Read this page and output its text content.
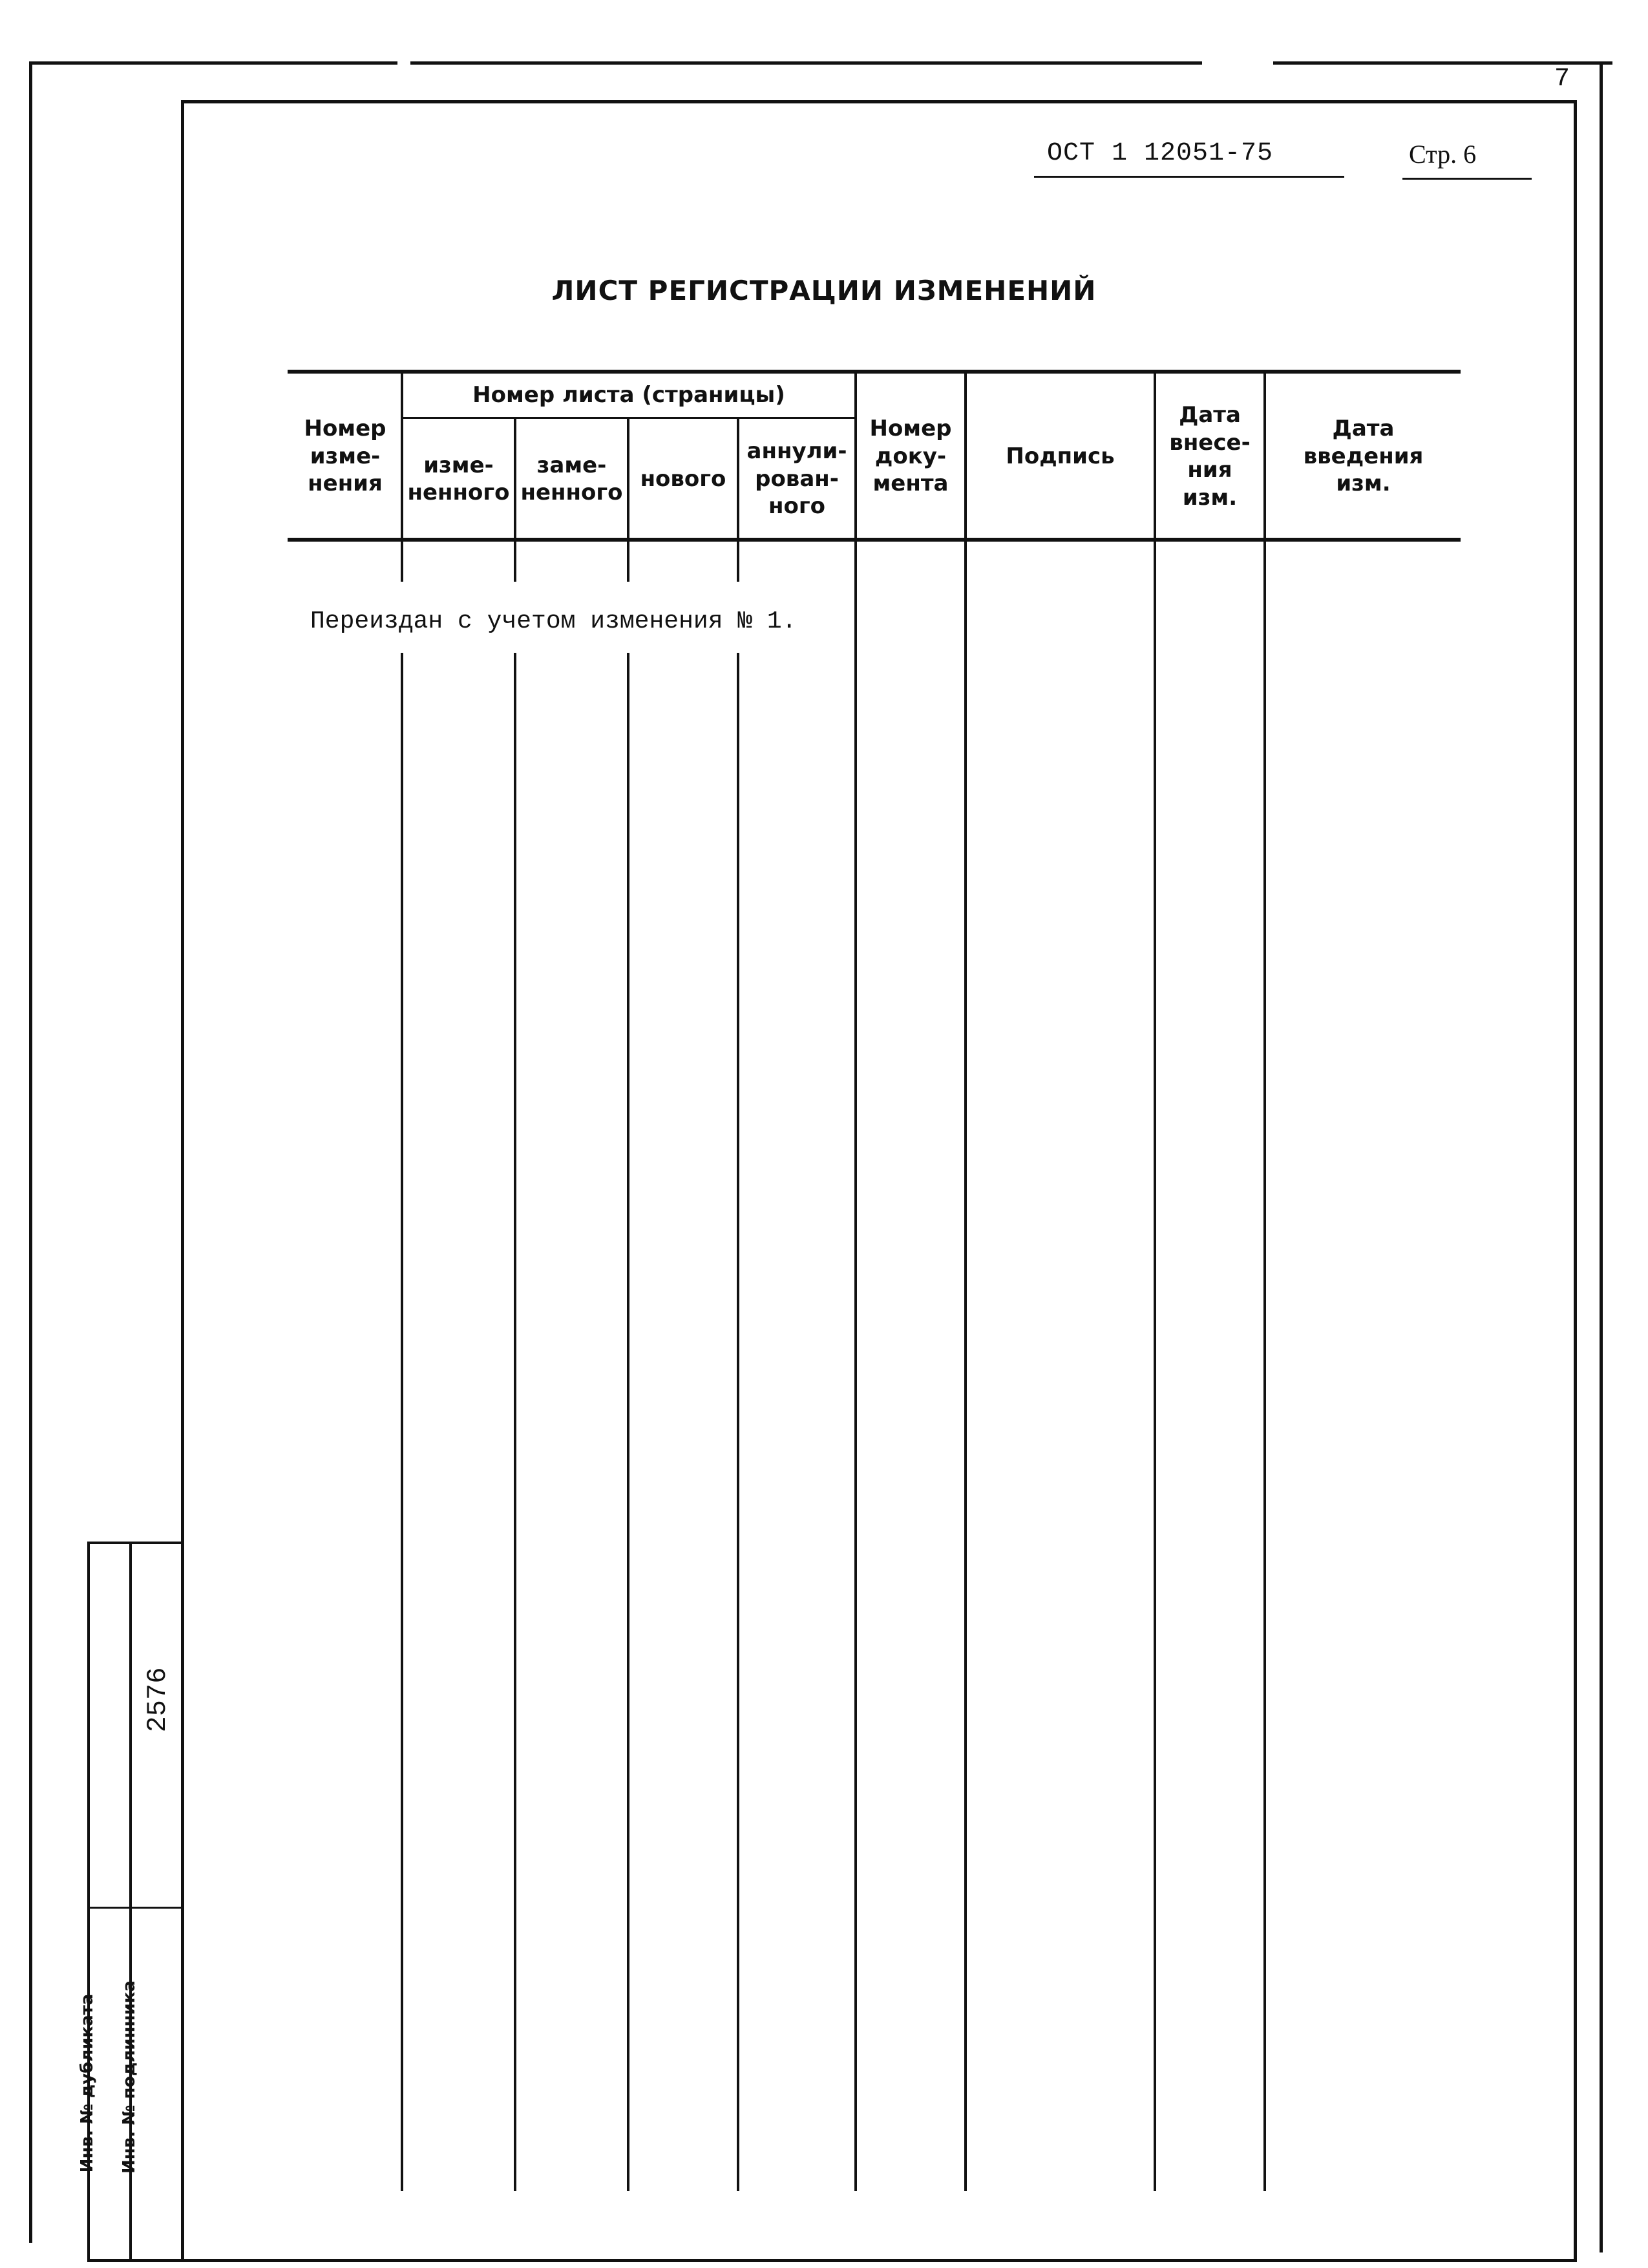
7
ОСТ 1 12051-75	Стр. 6
ЛИСТ РЕГИСТРАЦИИ ИЗМЕНЕНИЙ
Номер
изме-
нения
Номер листа (страницы)
изме-
ненного
заме-
ненного
нового
аннули-
рован-
ного
Номер
доку-
мента
Подпись
Дата
внесе-
ния
изм.
Дата
введения
изм.
Переиздан с учетом изменения № 1.
Инв. № дубликата Инв. № подлинника
2576
